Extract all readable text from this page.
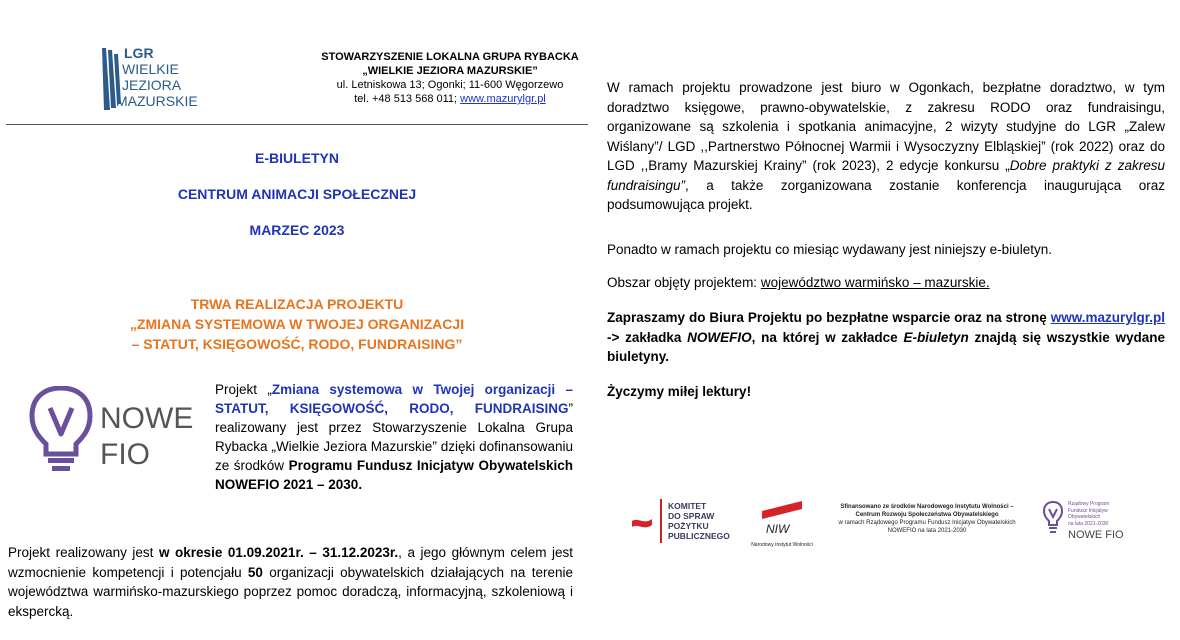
LGR
WIELKIE
JEZIORA
MAZURSKIE
STOWARZYSZENIE LOKALNA GRUPA RYBACKA
„WIELKIE JEZIORA MAZURSKIE”
ul. Letniskowa 13; Ogonki; 11-600 Węgorzewo
tel. +48 513 568 011; www.mazurylgr.pl
E-BIULETYN
CENTRUM ANIMACJI SPOŁECZNEJ
MARZEC 2023
TRWA REALIZACJA PROJEKTU
„ZMIANA SYSTEMOWA W TWOJEJ ORGANIZACJI
– STATUT, KSIĘGOWOŚĆ, RODO, FUNDRAISING”
NOWE
FIO
Projekt „Zmiana systemowa w Twojej organizacji – STATUT, KSIĘGOWOŚĆ, RODO, FUNDRAISING” realizowany jest przez Stowarzyszenie Lokalna Grupa Rybacka „Wielkie Jeziora Mazurskie” dzięki dofinansowaniu ze środków Programu Fundusz Inicjatyw Obywatelskich NOWEFIO 2021 – 2030.
Projekt realizowany jest w okresie 01.09.2021r. – 31.12.2023r., a jego głównym celem jest wzmocnienie kompetencji i potencjału 50 organizacji obywatelskich działających na terenie województwa warmińsko-mazurskiego poprzez pomoc doradczą, informacyjną, szkoleniową i ekspercką.
W ramach projektu prowadzone jest biuro w Ogonkach, bezpłatne doradztwo, w tym doradztwo księgowe, prawno-obywatelskie, z zakresu RODO oraz fundraisingu, organizowane są szkolenia i spotkania animacyjne, 2 wizyty studyjne do LGR „Zalew Wiślany”/ LGD ,,Partnerstwo Północnej Warmii i Wysoczyzny Elbląskiej” (rok 2022) oraz do LGD ,,Bramy Mazurskiej Krainy” (rok 2023), 2 edycje konkursu „Dobre praktyki z zakresu fundraisingu”, a także zorganizowana zostanie konferencja inaugurująca oraz podsumowująca projekt.
Ponadto w ramach projektu co miesiąc wydawany jest niniejszy e-biuletyn.
Obszar objęty projektem: województwo warmińsko – mazurskie.
Zapraszamy do Biura Projektu po bezpłatne wsparcie oraz na stronę www.mazurylgr.pl -> zakładka NOWEFIO, na której w zakładce E-biuletyn znajdą się wszystkie wydane biuletyny.
Życzymy miłej lektury!
KOMITET
DO SPRAW
POŻYTKU
PUBLICZNEGO	NIW
Narodowy Instytut Wolności
Sfinansowano ze środków Narodowego Instytutu Wolności –
Centrum Rozwoju Społeczeństwa Obywatelskiego
w ramach Rządowego Programu Fundusz Inicjatyw Obywatelskich
NOWEFIO na lata 2021-2030
Rządowy Program
Fundusz Inicjatyw
Obywatelskich
na lata 2021-2030
NOWE FIO
